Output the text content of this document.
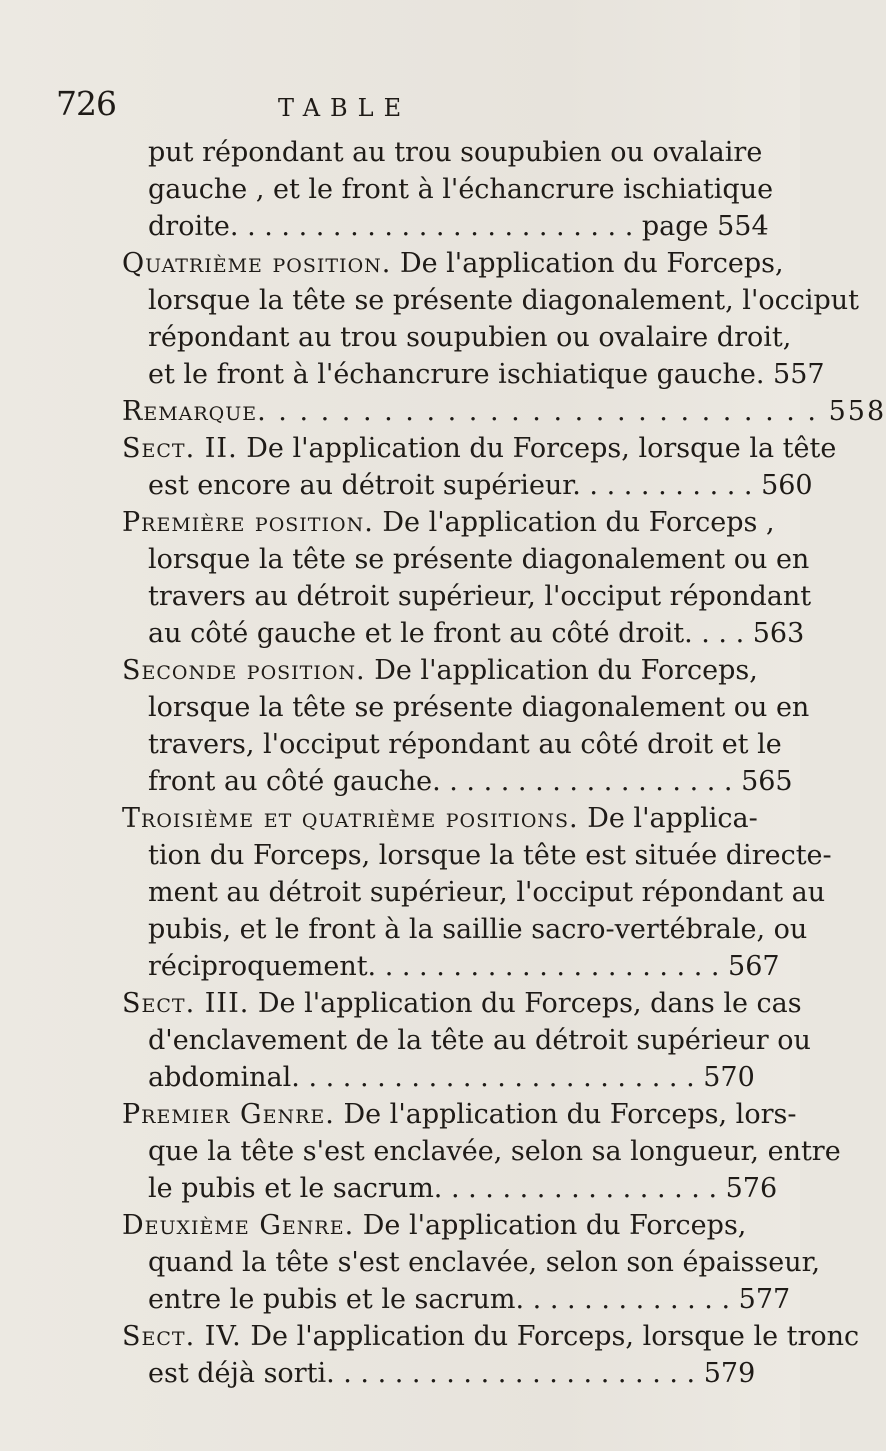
726	TABLE
put répondant au trou soupubien ou ovalaire
gauche , et le front à l'échancrure ischiatique
droite. . . . . . . . . . . . . . . . . . . . . . . . page 554
Quatrième position. De l'application du Forceps,
lorsque la tête se présente diagonalement, l'occiput
répondant au trou soupubien ou ovalaire droit,
et le front à l'échancrure ischiatique gauche. 557
Remarque. . . . . . . . . . . . . . . . . . . . . . . . . . . 558
Sect. II. De l'application du Forceps, lorsque la tête
est encore au détroit supérieur. . . . . . . . . . . 560
Première position. De l'application du Forceps ,
lorsque la tête se présente diagonalement ou en
travers au détroit supérieur, l'occiput répondant
au côté gauche et le front au côté droit. . . . 563
Seconde position. De l'application du Forceps,
lorsque la tête se présente diagonalement ou en
travers, l'occiput répondant au côté droit et le
front au côté gauche. . . . . . . . . . . . . . . . . . 565
Troisième et quatrième positions. De l'applica-
tion du Forceps, lorsque la tête est située directe-
ment au détroit supérieur, l'occiput répondant au
pubis, et le front à la saillie sacro-vertébrale, ou
réciproquement. . . . . . . . . . . . . . . . . . . . . 567
Sect. III. De l'application du Forceps, dans le cas
d'enclavement de la tête au détroit supérieur ou
abdominal. . . . . . . . . . . . . . . . . . . . . . . . 570
Premier Genre. De l'application du Forceps, lors-
que la tête s'est enclavée, selon sa longueur, entre
le pubis et le sacrum. . . . . . . . . . . . . . . . . 576
Deuxième Genre. De l'application du Forceps,
quand la tête s'est enclavée, selon son épaisseur,
entre le pubis et le sacrum. . . . . . . . . . . . . 577
Sect. IV. De l'application du Forceps, lorsque le tronc
est déjà sorti. . . . . . . . . . . . . . . . . . . . . . 579
